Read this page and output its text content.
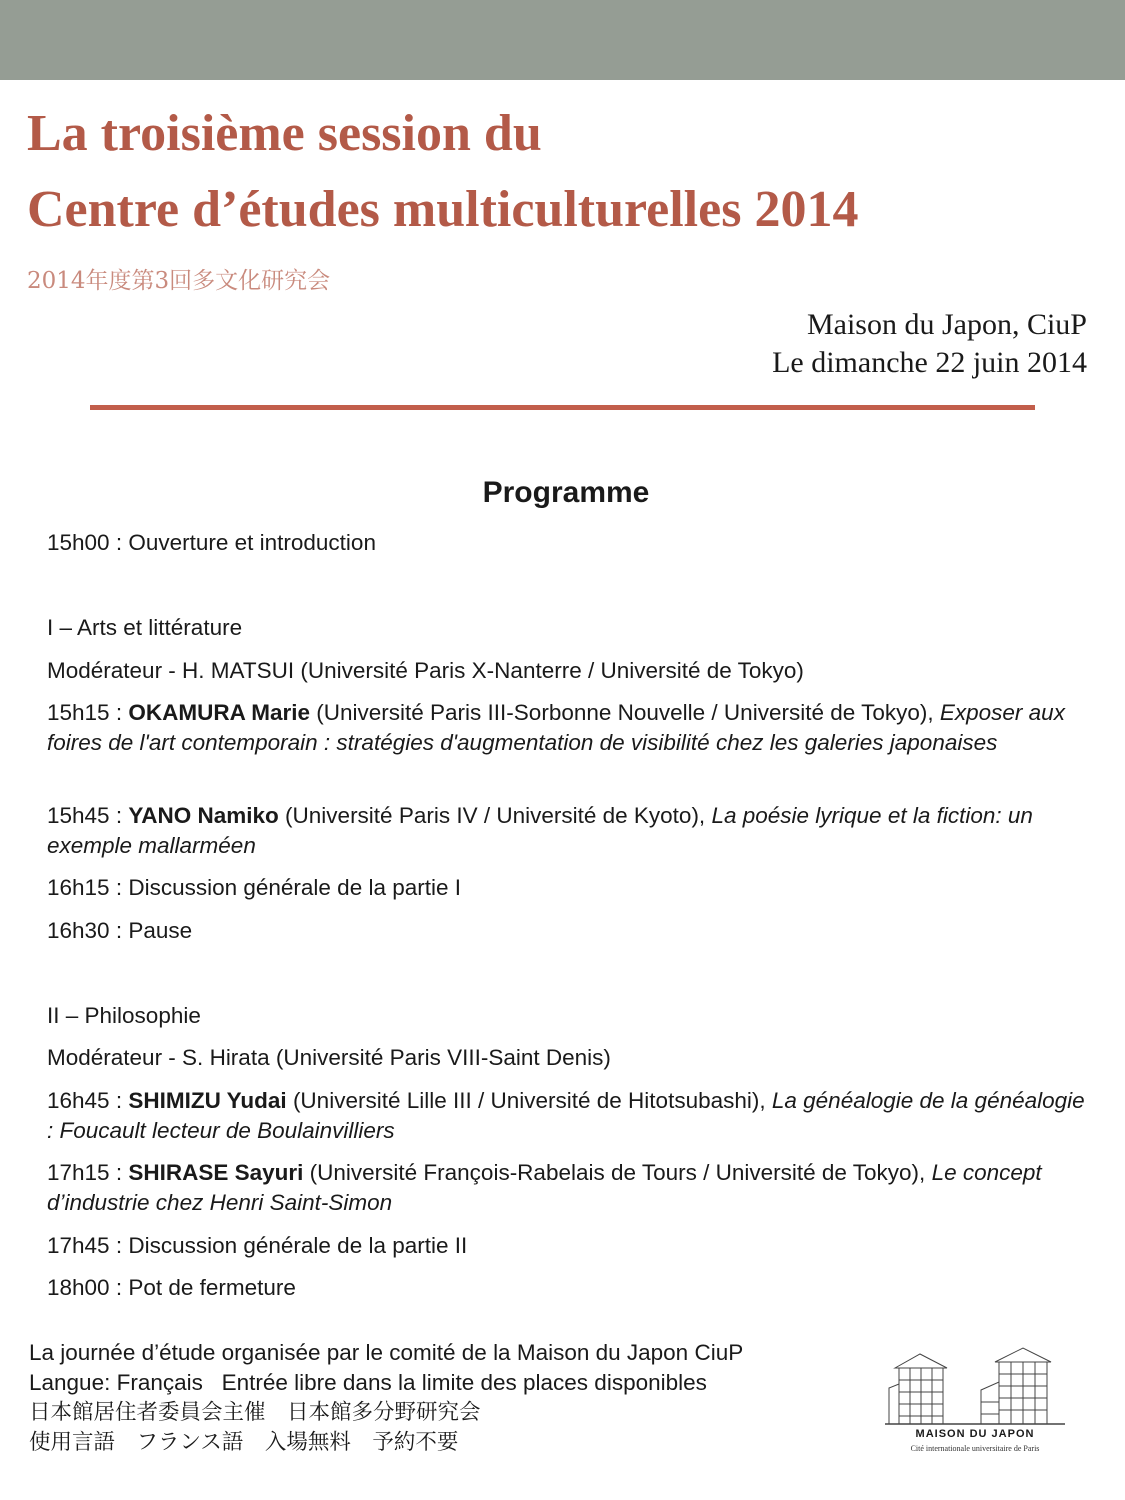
La troisième session du
Centre d’études multiculturelles 2014
2014年度第3回多文化研究会
Maison du Japon, CiuP
Le dimanche 22 juin 2014
Programme
15h00 : Ouverture et introduction
I – Arts et littérature
Modérateur - H. MATSUI (Université Paris X-Nanterre / Université de Tokyo)
15h15 : OKAMURA Marie (Université Paris III-Sorbonne Nouvelle / Université de Tokyo), Exposer aux foires de l'art contemporain : stratégies d'augmentation de visibilité chez les galeries japonaises
15h45 : YANO Namiko (Université Paris IV / Université de Kyoto), La poésie lyrique et la fiction: un exemple mallarméen
16h15 : Discussion générale de la partie I
16h30 : Pause
II – Philosophie
Modérateur - S. Hirata (Université Paris VIII-Saint Denis)
16h45 : SHIMIZU Yudai (Université Lille III / Université de Hitotsubashi), La généalogie de la généalogie : Foucault lecteur de Boulainvilliers
17h15 : SHIRASE Sayuri (Université François-Rabelais de Tours / Université de Tokyo), Le concept d’industrie chez Henri Saint-Simon
17h45 : Discussion générale de la partie II
18h00 : Pot de fermeture
La journée d’étude organisée par le comité de la Maison du Japon CiuP
Langue: Français   Entrée libre dans la limite des places disponibles
日本館居住者委員会主催　日本館多分野研究会
使用言語　フランス語　入場無料　予約不要	MAISON DU JAPON
Cité internationale universitaire de Paris
